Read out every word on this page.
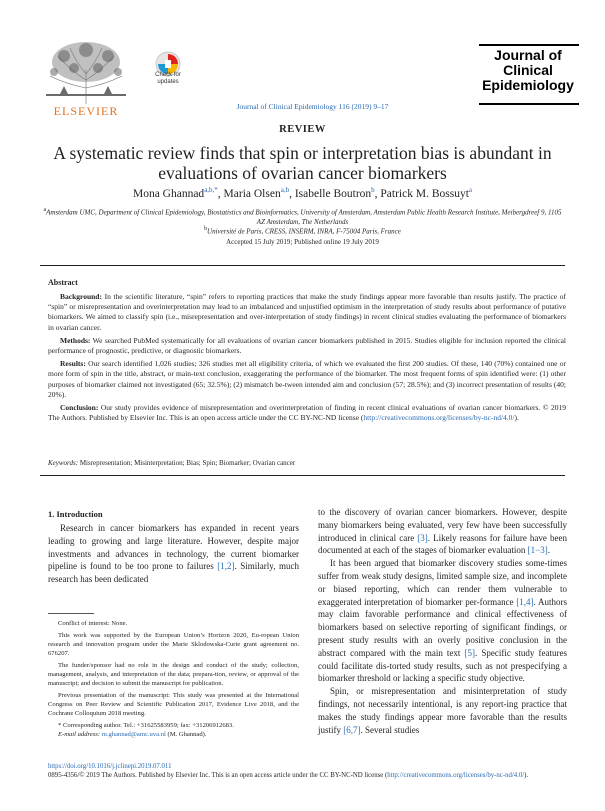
ELSEVIER
Check for updates
Journal of Clinical Epidemiology 116 (2019) 9–17
Journal of
Clinical
Epidemiology
REVIEW
A systematic review finds that spin or interpretation bias is abundant in evaluations of ovarian cancer biomarkers
Mona Ghannad$^{a,b,*}$, Maria Olsen$^{a,b}$, Isabelle Boutron$^b$, Patrick M. Bossuyt$^a$
$^a$Amsterdam UMC, Department of Clinical Epidemiology, Biostatistics and Bioinformatics, University of Amsterdam, Amsterdam Public Health Research Institute, Meibergdreef 9, 1105 AZ Amsterdam, The Netherlands
$^b$Université de Paris, CRESS, INSERM, INRA, F-75004 Paris, France
Accepted 15 July 2019; Published online 19 July 2019
Abstract

Background: In the scientific literature, “spin” refers to reporting practices that make the study findings appear more favorable than results justify. The practice of “spin” or misrepresentation and overinterpretation may lead to an imbalanced and unjustified optimism in the interpretation of study results about performance of putative biomarkers. We aimed to classify spin (i.e., misrepresentation and over-interpretation of study findings) in recent clinical studies evaluating the performance of biomarkers in ovarian cancer.

Methods: We searched PubMed systematically for all evaluations of ovarian cancer biomarkers published in 2015. Studies eligible for inclusion reported the clinical performance of prognostic, predictive, or diagnostic biomarkers.

Results: Our search identified 1,026 studies; 326 studies met all eligibility criteria, of which we evaluated the first 200 studies. Of these, 140 (70%) contained one or more form of spin in the title, abstract, or main-text conclusion, exaggerating the performance of the biomarker. The most frequent forms of spin identified were: (1) other purposes of biomarker claimed not investigated (65; 32.5%); (2) mismatch be-tween intended aim and conclusion (57; 28.5%); and (3) incorrect presentation of results (40; 20%).

Conclusion: Our study provides evidence of misrepresentation and overinterpretation of finding in recent clinical evaluations of ovarian cancer biomarkers. © 2019 The Authors. Published by Elsevier Inc. This is an open access article under the CC BY-NC-ND license (http://creativecommons.org/licenses/by-nc-nd/4.0/).

Keywords: Misrepresentation; Misinterpretation; Bias; Spin; Biomarker; Ovarian cancer
1. Introduction

Research in cancer biomarkers has expanded in recent years leading to growing and large literature. However, despite major investments and advances in technology, the current biomarker pipeline is found to be too prone to failures [1,2]. Similarly, much research has been dedicated

Conflict of interest: None.

This work was supported by the European Union’s Horizon 2020, Eu-ropean Union research and innovation program under the Marie Sklodowska-Curie grant agreement no. 676207.

The funder/sponsor had no role in the design and conduct of the study; collection, management, analysis, and interpretation of the data; prepara-tion, review, or approval of the manuscript; and decision to submit the manuscript for publication.

Previous presentation of the manuscript: This study was presented at the International Congress on Peer Review and Scientific Publication 2017, Evidence Live 2018, and the Cochrane Colloquium 2018 meeting.

* Corresponding author. Tel.: +31625583959; fax: +31206912683.

E-mail address: m.ghannad@amc.uva.nl (M. Ghannad).

to the discovery of ovarian cancer biomarkers. However, despite many biomarkers being evaluated, very few have been successfully introduced in clinical care [3]. Likely reasons for failure have been documented at each of the stages of biomarker evaluation [1−3].

It has been argued that biomarker discovery studies some-times suffer from weak study designs, limited sample size, and incomplete or biased reporting, which can render them vulnerable to exaggerated interpretation of biomarker per-formance [1,4]. Authors may claim favorable performance and clinical effectiveness of biomarkers based on selective reporting of significant findings, or present study results with an overly positive conclusion in the abstract compared with the main text [5]. Specific study features could facilitate dis-torted study results, such as not prespecifying a biomarker threshold or lacking a specific study objective.

Spin, or misrepresentation and misinterpretation of study findings, not necessarily intentional, is any report-ing practice that makes the study findings appear more favorable than the results justify [6,7]. Several studies

https://doi.org/10.1016/j.jclinepi.2019.07.011
0895-4356/© 2019 The Authors. Published by Elsevier Inc. This is an open access article under the CC BY-NC-ND license (http://creativecommons.org/licenses/by-nc-nd/4.0/).
